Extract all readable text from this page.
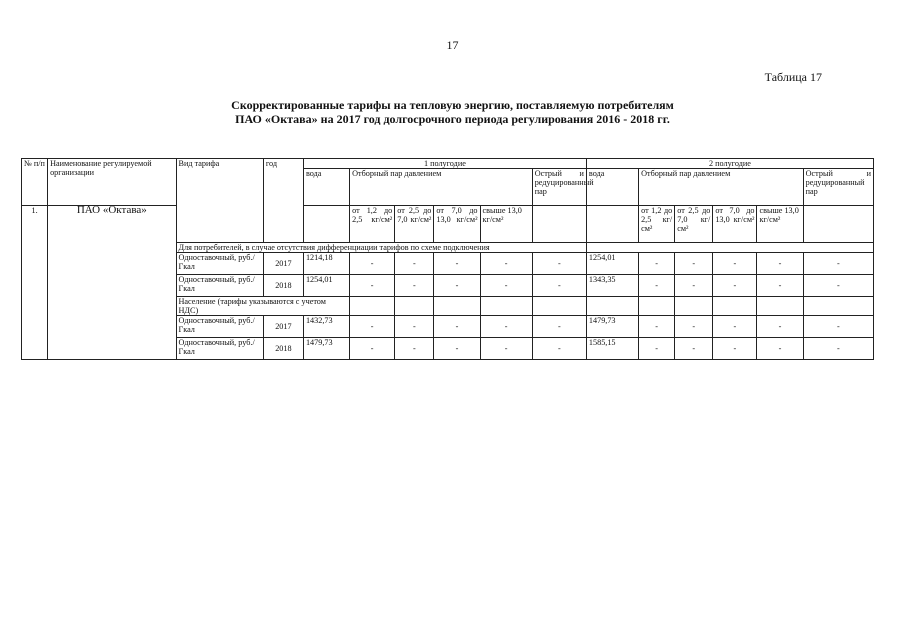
17
Таблица 17
Скорректированные тарифы на тепловую энергию, поставляемую потребителям
ПАО «Октава» на 2017 год долгосрочного периода регулирования 2016 - 2018 гг.
№ п/п	Наименование регулируемой организации	Вид тарифа	год	1 полугодие						2 полугодие					
				вода	Отборный пар давлением				Острый и редуцированный пар	вода	Отборный пар давлением				Острый и редуцированный пар

1.	ПАО «Октава»				от 1,2 до 2,5 кг/см²	от 2,5 до 7,0 кг/см²	от 7,0 до 13,0 кг/см²	свыше 13,0 кг/см²			от 1,2 до 2,5 кг/см²	от 2,5 до 7,0 кг/см²	от 7,0 до 13,0 кг/см²	свыше 13,0 кг/см²	
		Для потребителей, в случае отсутствия дифференциации тарифов по схеме подключения													
		Одноставочный, руб./Гкал	2017	1214,18	-	-	-	-	-	1254,01	-	-	-	-	-
		Одноставочный, руб./Гкал	2018	1254,01	-	-	-	-	-	1343,35	-	-	-	-	-
		Население (тарифы указываются с учетом НДС)													
		Одноставочный, руб./Гкал	2017	1432,73	-	-	-	-	-	1479,73	-	-	-	-	-
		Одноставочный, руб./Гкал	2018	1479,73	-	-	-	-	-	1585,15	-	-	-	-	-
